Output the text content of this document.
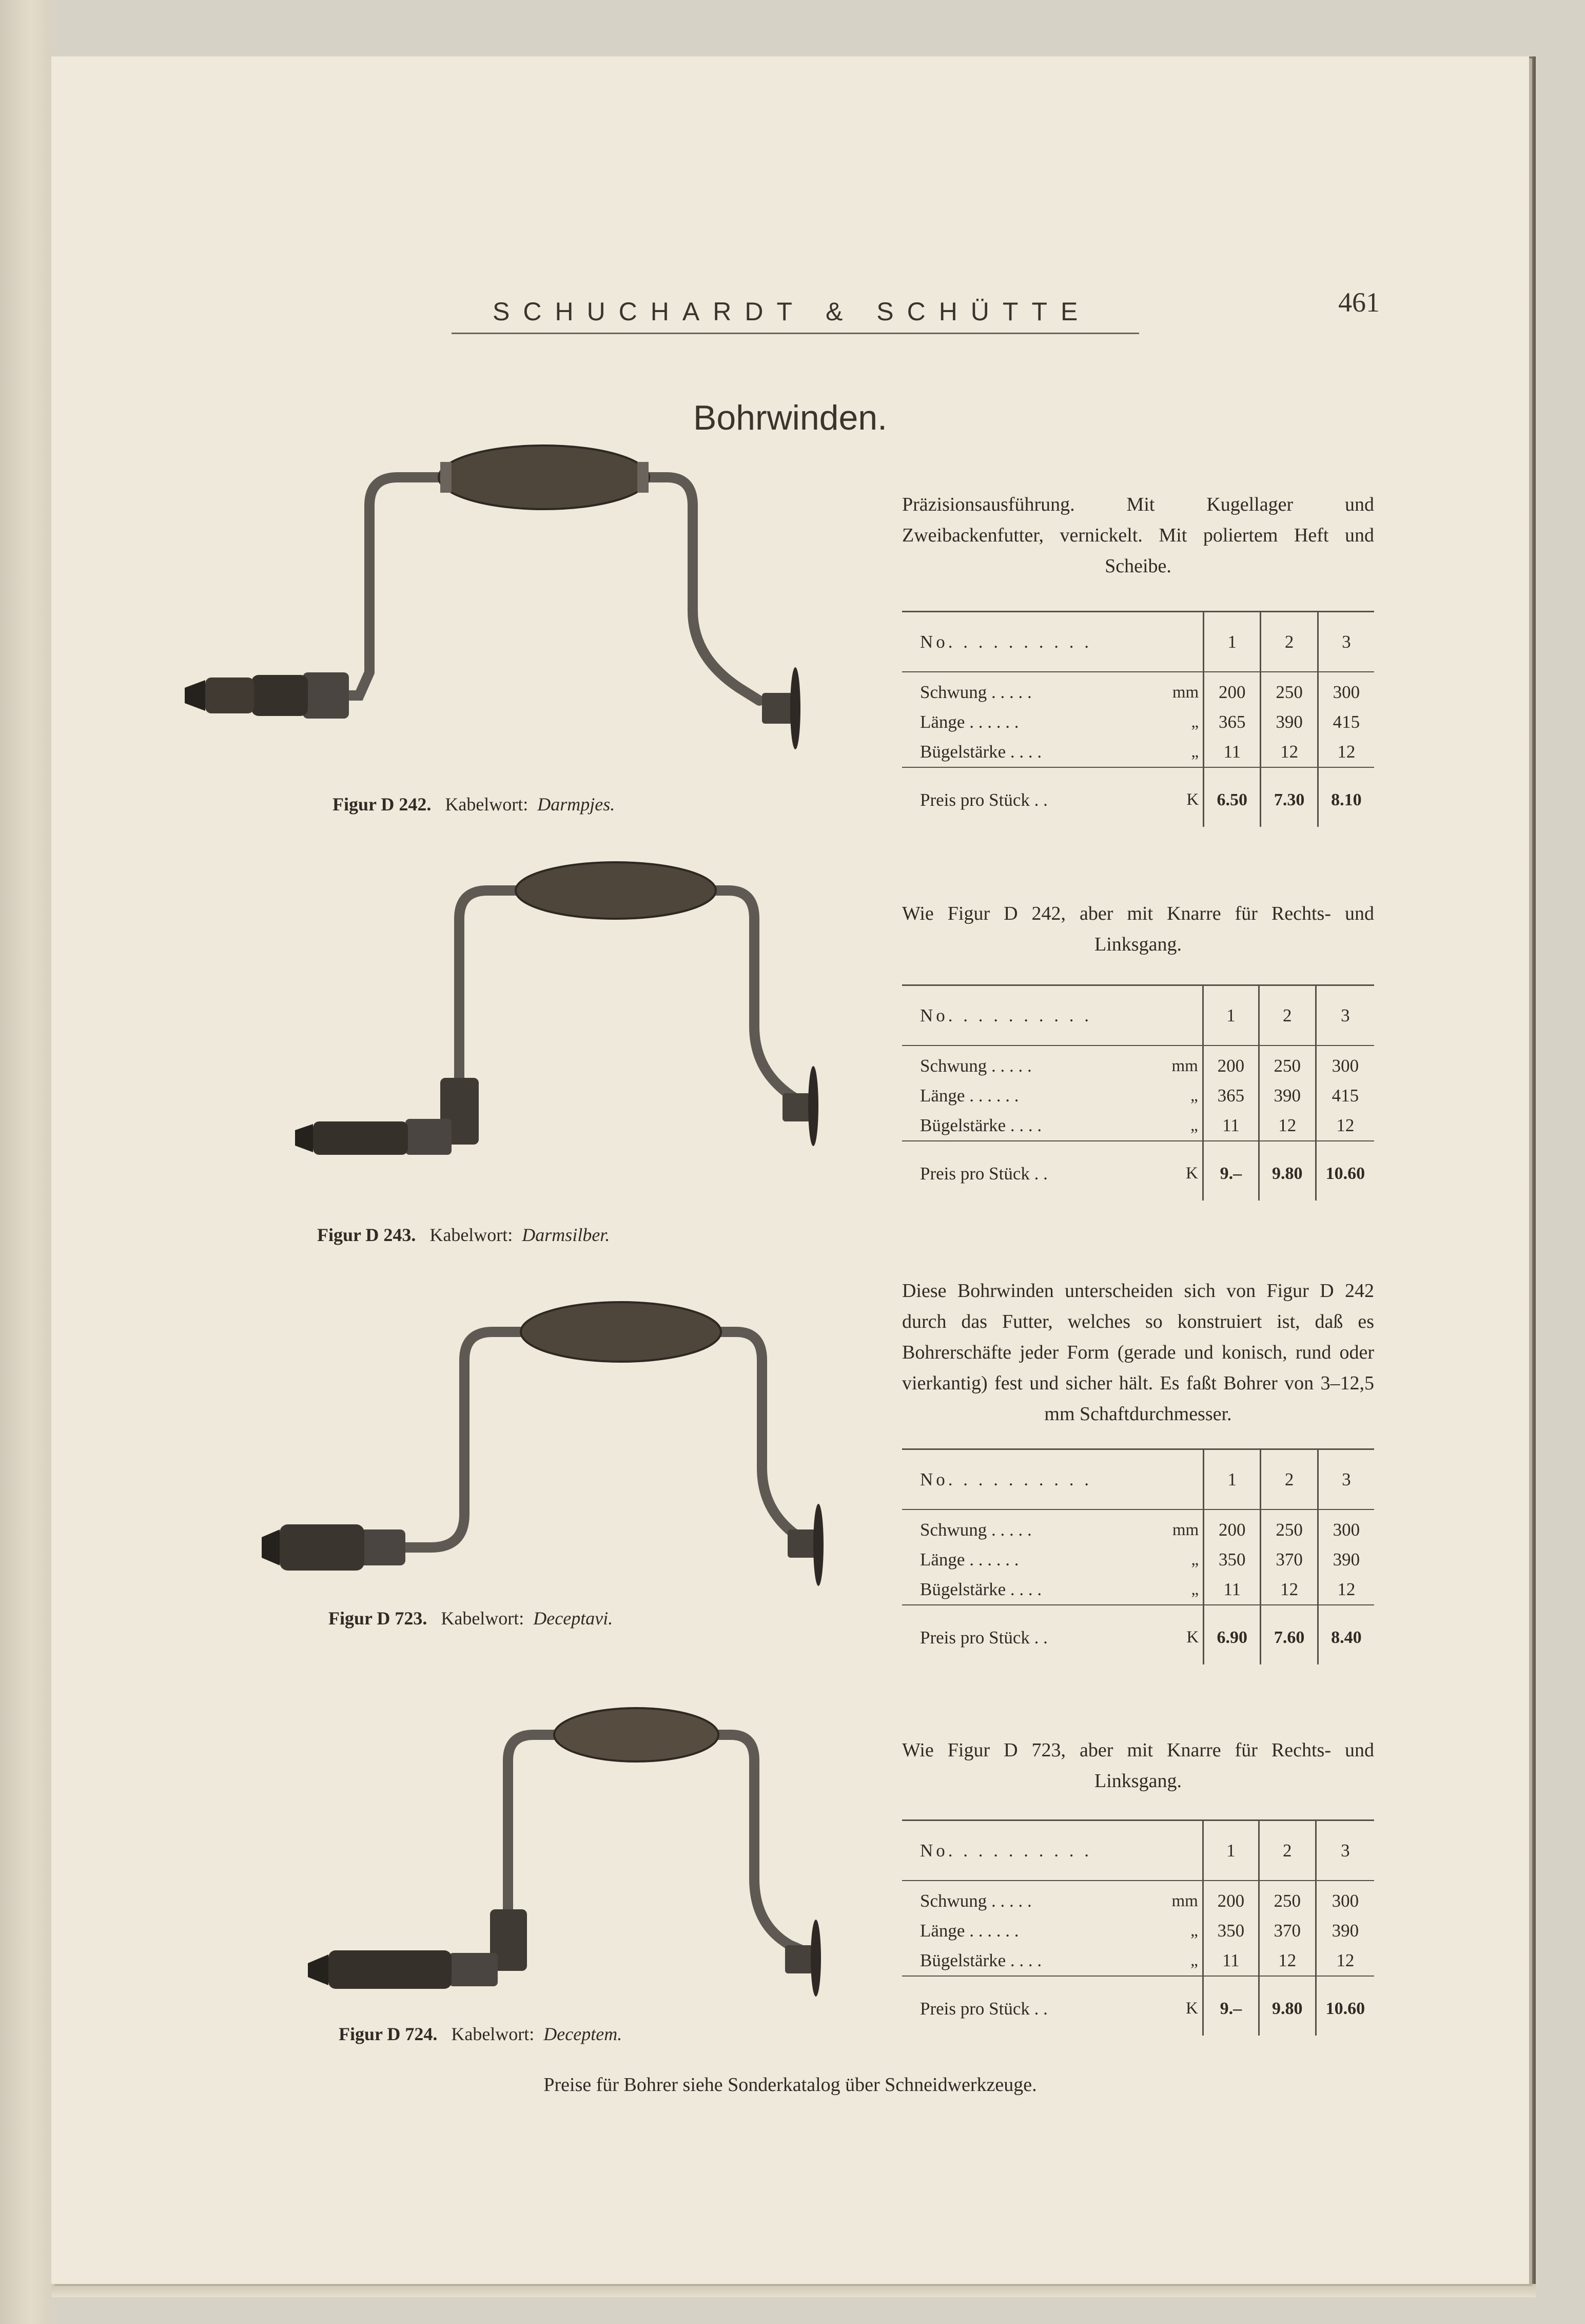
SCHUCHARDT & SCHÜTTE	461
Bohrwinden.
Figur D 242. Kabelwort: Darmpjes.
Präzisionsausführung. Mit Kugellager und Zweibackenfutter, vernickelt. Mit poliertem Heft und Scheibe.
No. . . . . . . . . .		1	2	3

Schwung . . . . .	mm	200	250	300
Länge . . . . . .	„	365	390	415
Bügelstärke . . . .	„	11	12	12

Preis pro Stück . .	K	6.50	7.30	8.10
Figur D 243. Kabelwort: Darmsilber.
Wie Figur D 242, aber mit Knarre für Rechts- und Linksgang.
No. . . . . . . . . .		1	2	3

Schwung . . . . .	mm	200	250	300
Länge . . . . . .	„	365	390	415
Bügelstärke . . . .	„	11	12	12

Preis pro Stück . .	K	9.–	9.80	10.60
Figur D 723. Kabelwort: Deceptavi.
Diese Bohrwinden unterscheiden sich von Figur D 242 durch das Futter, welches so konstruiert ist, daß es Bohrerschäfte jeder Form (gerade und konisch, rund oder vierkantig) fest und sicher hält. Es faßt Bohrer von 3–12,5 mm Schaftdurchmesser.
No. . . . . . . . . .		1	2	3

Schwung . . . . .	mm	200	250	300
Länge . . . . . .	„	350	370	390
Bügelstärke . . . .	„	11	12	12

Preis pro Stück . .	K	6.90	7.60	8.40
Figur D 724. Kabelwort: Deceptem.
Wie Figur D 723, aber mit Knarre für Rechts- und Linksgang.
No. . . . . . . . . .		1	2	3

Schwung . . . . .	mm	200	250	300
Länge . . . . . .	„	350	370	390
Bügelstärke . . . .	„	11	12	12

Preis pro Stück . .	K	9.–	9.80	10.60
Preise für Bohrer siehe Sonderkatalog über Schneidwerkzeuge.
